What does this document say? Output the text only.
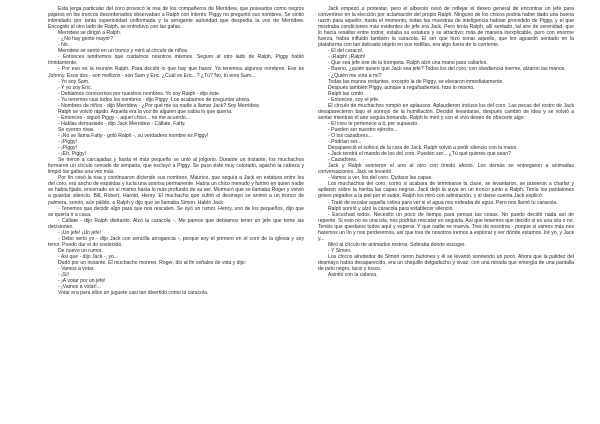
Esta jerga particular del coro provocó la risa de los compañeros de Merridew, que poseados como negros pájaros en los troncos desordenados observaban a Ralph con interés. Piggy no preguntó sus nombres. Se sintió intimidado por tanta superioridad uniformada y la arrogante autoridad que despedía la voz de Merridew. Encogido al otro lado de Ralph, se entretuvo con las gafas.

Merridew se dirigió a Ralph.

- ¿No hay gente mayor?

- No.

Merridew se sentó en un tronco y miró al círculo de niños.

- Entonces tendremos que cuidarnos nosotros mismos. Seguro al otro lado de Ralph, Piggy habló tímidamente.

- Por eso es la reunión Ralph. Para decidir lo que hay que hacer. Ya tenemos algunos nombres. Ese es Johnny. Esos dos - son mellizos - son Sam y Eric. ¿Cuál es Eric...? ¿Tú? No, tú eres Sam...

- Yo soy Sam.

- Y yo soy Eric.

- Debiamos conocernos por nuestros nombres. Yo soy Ralph - dijo éste.

- Ya tenemos casi todos los nombres - dijo Piggy -Los acabamos de preguntar ahora.

- Nombres de niños - dijo Merridew - ¿Por qué me va nadie a llamar Jack? Soy Merridew.

Ralph se volvió rápido. Aquella era la voz de alguien que sabía lo que quería.

- Entonces - siguió Piggy -, aquel chico... no me acuerdo...

- Hablas demasiado - dijo Jack Merridew - Cállate, Fatty.

Se oyeron risas.

- ¡No se llama Fatty - gritó Ralph -, su verdadero nombre es Piggy!

- ¡Piggy!

- ¡Piggy!

- ¡Eh, Piggy!

Se rieron a carcajadas y hasta el más pequeño se unió al jolgorio. Durante un instante, los muchachos formaron un círculo cerrado de simpatía, que excluyó a Piggy. Se puso éste muy colorado, agachó la cabeza y limpió las gafas una vez más.

Por fin cesó la risa y continuaron diciendo sus nombres. Maurice, que seguía a Jack en estatura entre los del coro, era ancho de espaldas y lucía una sonrisa permanente. Había un chico menudo y furtivo en quien nadie se había fijado, encerrado en sí mismo hasta lo más profundo de su ser. Murmuró que se llamaba Roger y volvió a guardar silencio. Bill, Robert, Harold, Henry. El muchacho que sufrió el desmayo se animó a un tronco de palmera, sonrió, aún pálido, a Ralph y dijo que se llamaba Simon. Habló Jack:

- Tenemos que decidir algo para que nos rescaten. Se oyó un rumor. Henry, uno de los pequeños, dijo que se quería ir a casa.

- Cállate - dijo Ralph distraído. Alzó la caracola -. Me parece que debiamos tener un jefe que tome las decisiones.

- ¡Un jefe! ¡Un jefe!

- Debo serlo yo - dijo Jack con sencilla arrogancia -, porque soy el primero en el coro de la iglesia y soy tenor. Puedo dar el do sostenido.

De nuevo un rumor.

- Así que - dijo Jack -, yo...

Dudó por un instante. El muchacho moreno, Roger, dio al fin señales de vida y dijo:

- Vamos a votar.

- ¡Sí!

- ¡A votar por un jefe!

- ¡Vamos a votar!...

Votar era para ellos un juguete casi tan divertido como la caracola.

Jack empezó a protestar, pero el alboroto cesó de reflejar el deseo general de encontrar un jefe para convertirse en la elección por aclamación del propio Ralph. Ninguno de los chicos podría haber dado una buena razón para aquello; hasta el momento, todas las muestras de inteligencia habían procedido de Piggy, y el que mostraba condiciones más evidentes de jefe era Jack. Pero tenía Ralph, allí sentado, tal aire de serenidad, que lo hacía resaltar entre todos; estaba su estatura y su atractivo; más de manera inexplicable, pero con enorme fuerza, había influido también la caracola. El ser que hizo sonar aquello, que les aguardó sentado en la plataforma con tan delicado objeto en sus rodillas, era algo fuera de lo corriente.

- El del caracol.

- ¡Ralph! ¡Ralph!

- Que sea jefe ese de la trompeta. Ralph alzó una mano para callarles.

- Bueno, ¿quién quiere que Jack sea jefe? Todos los del coro, con obediencia inerme, alzaron las manos.

- ¿Quién me vota a mí?

Todas las manos restantes, excepto la de Piggy, se elevaron inmediatamente.

Después también Piggy, aunque a regañadientes, hizo lo mismo.

Ralph las contó.

- Entonces, soy el jefe.

El círculo de muchachos rompió en aplausos. Aplaudieron incluso los del coro. Las pecas del rostro de Jack desaparecieron bajo el sonrojo de la humillación. Decidió levantarse, después cambió de idea y se volvió a sentar mientras el aire seguía tronando. Ralph le miró y con el vivo deseo de ofrecerle algo:

- El coro te pertenece a ti, por supuesto.

- Pueden ser nuestro ejército...

- O los cazadores...

- Podrían ser...

Desapareció el sofoco de la cara de Jack. Ralph volvió a pedir silencio con la mano.

- Jack tendrá el mando de los del coro. Pueden ser... ¿Tú qué quieres que sean?

- Cazadores.

Jack y Ralph sonrieron el uno al otro con tímido afecto. Los demás se entregaron a animadas conversaciones. Jack se levantó.

- Vamos a ver, los del coro. Quitaos las capas.

Los muchachos del coro, como si acabara de terminarse la clase, se levantaron, se pusieron a charlar y apilaron sobre la hierba las capas negras. Jack dejó la suya en un tronco junto a Ralph. Tenía los pantalones grises pegados a la piel por el sudor. Ralph los miró con admiración, y al darse cuenta Jack explicó:

- Traté de escalar aquella colina para ver si el agua nos rodeaba de agua. Pero nos llamó tu caracola.

Ralph sonrió y alzó la caracola para establecer silencio.

- Escuchad todos. Necesito un poco de tiempo para pensar las cosas. No puedo decidir nada así de repente. Si esto no es una isla, nos podrían rescatar en seguida. Así que tenemos que decidir si es una isla o no. Tenéis que quedaros todos aquí y esperar. Y que nadie se mueva. Tres de nosotros - porque si vamos más nos haremos un lío y nos perderemos, así que tres de nosotros iremos a explorar y ver dónde estamos. Iré yo, y Jack y...

Miró al círculo de animados rostros. Sobraba donde escoger.

- Y Simon.

Los chicos alrededor de Simon rieron burlones y él se levantó sonriendo un poco. Ahora que la palidez del desmayo había desaparecido, era un chiquillo delgaducho y vivaz, con una mirada que emergía de una pantalla de pelo negro, lacio y tosco.

Asintió con la cabeza.
